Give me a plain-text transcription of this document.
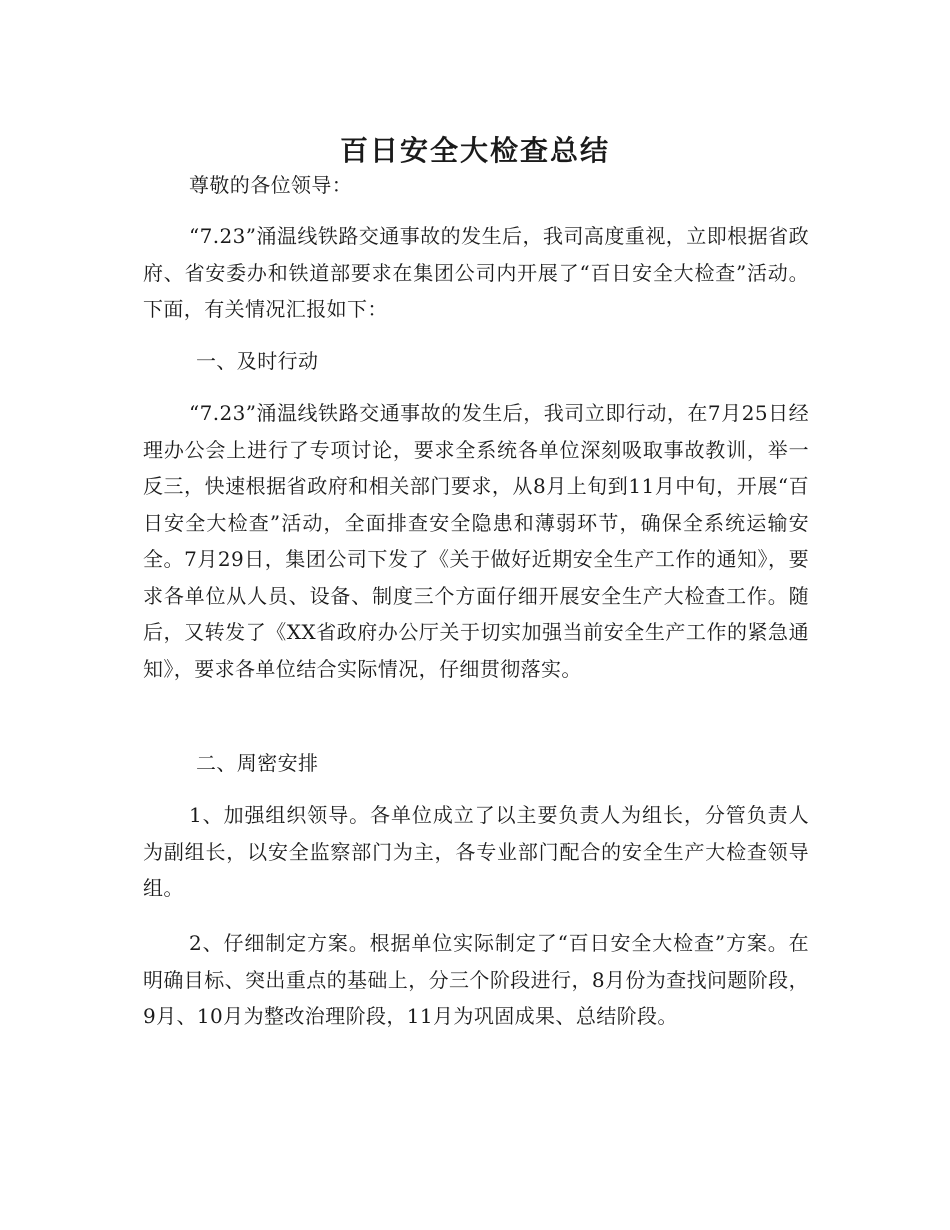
百日安全大检查总结

尊敬的各位领导：

“7.23”涌温线铁路交通事故的发生后，我司高度重视，立即根据省政府、省安委办和铁道部要求在集团公司内开展了“百日安全大检查”活动。下面，有关情况汇报如下：

一、及时行动

“7.23”涌温线铁路交通事故的发生后，我司立即行动，在7月25日经理办公会上进行了专项讨论，要求全系统各单位深刻吸取事故教训，举一反三，快速根据省政府和相关部门要求，从8月上旬到11月中旬，开展“百日安全大检查”活动，全面排查安全隐患和薄弱环节，确保全系统运输安全。7月29日，集团公司下发了《关于做好近期安全生产工作的通知》，要求各单位从人员、设备、制度三个方面仔细开展安全生产大检查工作。随后，又转发了《XX省政府办公厅关于切实加强当前安全生产工作的紧急通知》，要求各单位结合实际情况，仔细贯彻落实。

二、周密安排

1、加强组织领导。各单位成立了以主要负责人为组长，分管负责人为副组长，以安全监察部门为主，各专业部门配合的安全生产大检查领导组。

2、仔细制定方案。根据单位实际制定了“百日安全大检查”方案。在明确目标、突出重点的基础上，分三个阶段进行，8月份为查找问题阶段，9月、10月为整改治理阶段，11月为巩固成果、总结阶段。
